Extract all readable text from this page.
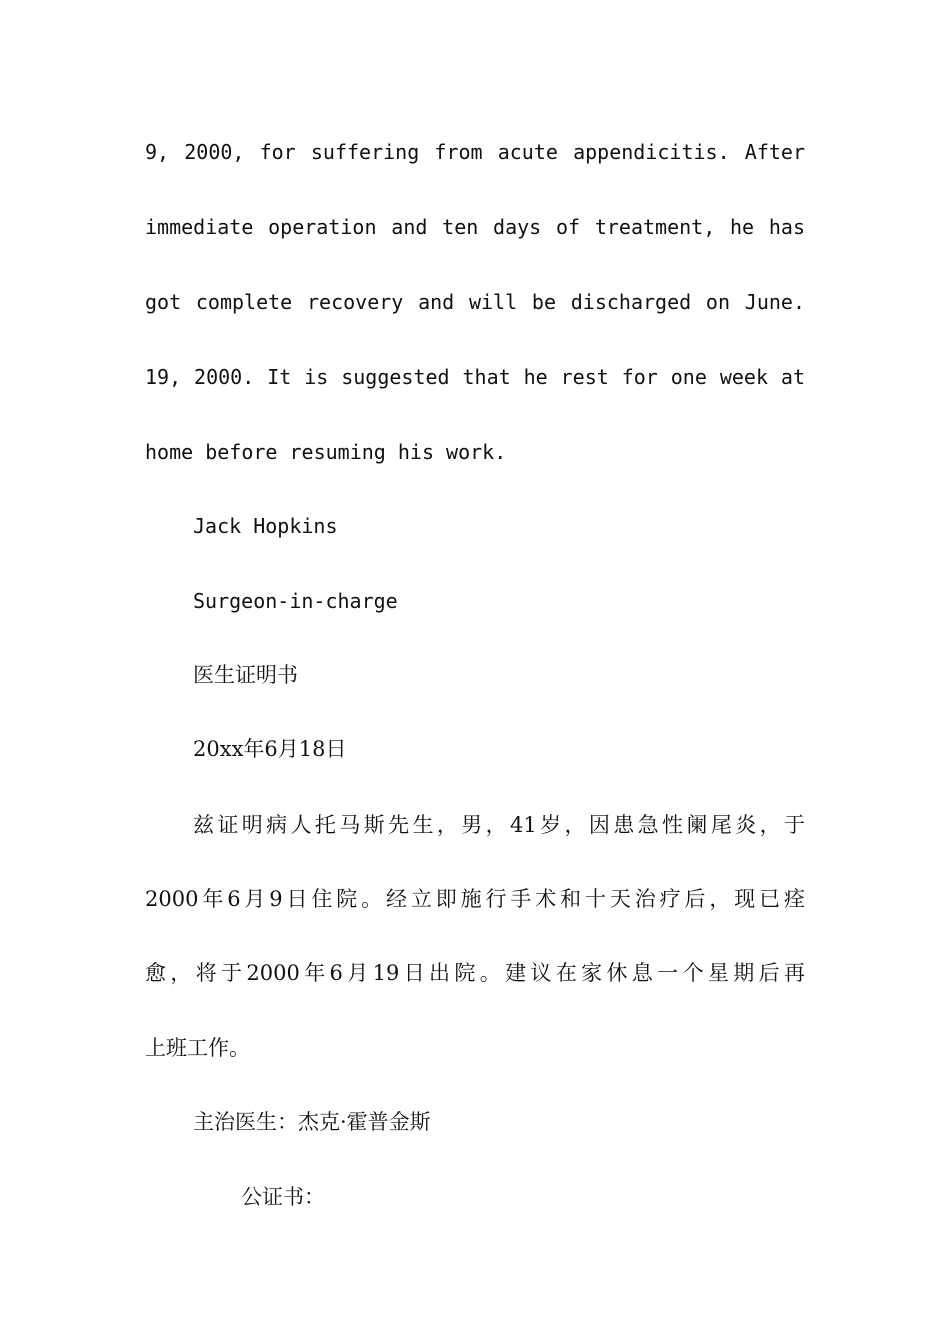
9, 2000, for suffering from acute appendicitis. After
immediate operation and ten days of treatment, he has
got complete recovery and will be discharged on June.
19, 2000. It is suggested that he rest for one week at
home before resuming his work.
Jack Hopkins
Surgeon-in-charge
医生证明书
20xx年6月18日
兹证明病人托马斯先生，男，41岁，因患急性阑尾炎，于
2000年6月9日住院。经立即施行手术和十天治疗后，现已痊
愈，将于2000年6月19日出院。建议在家休息一个星期后再
上班工作。
主治医生：杰克·霍普金斯
公证书：
